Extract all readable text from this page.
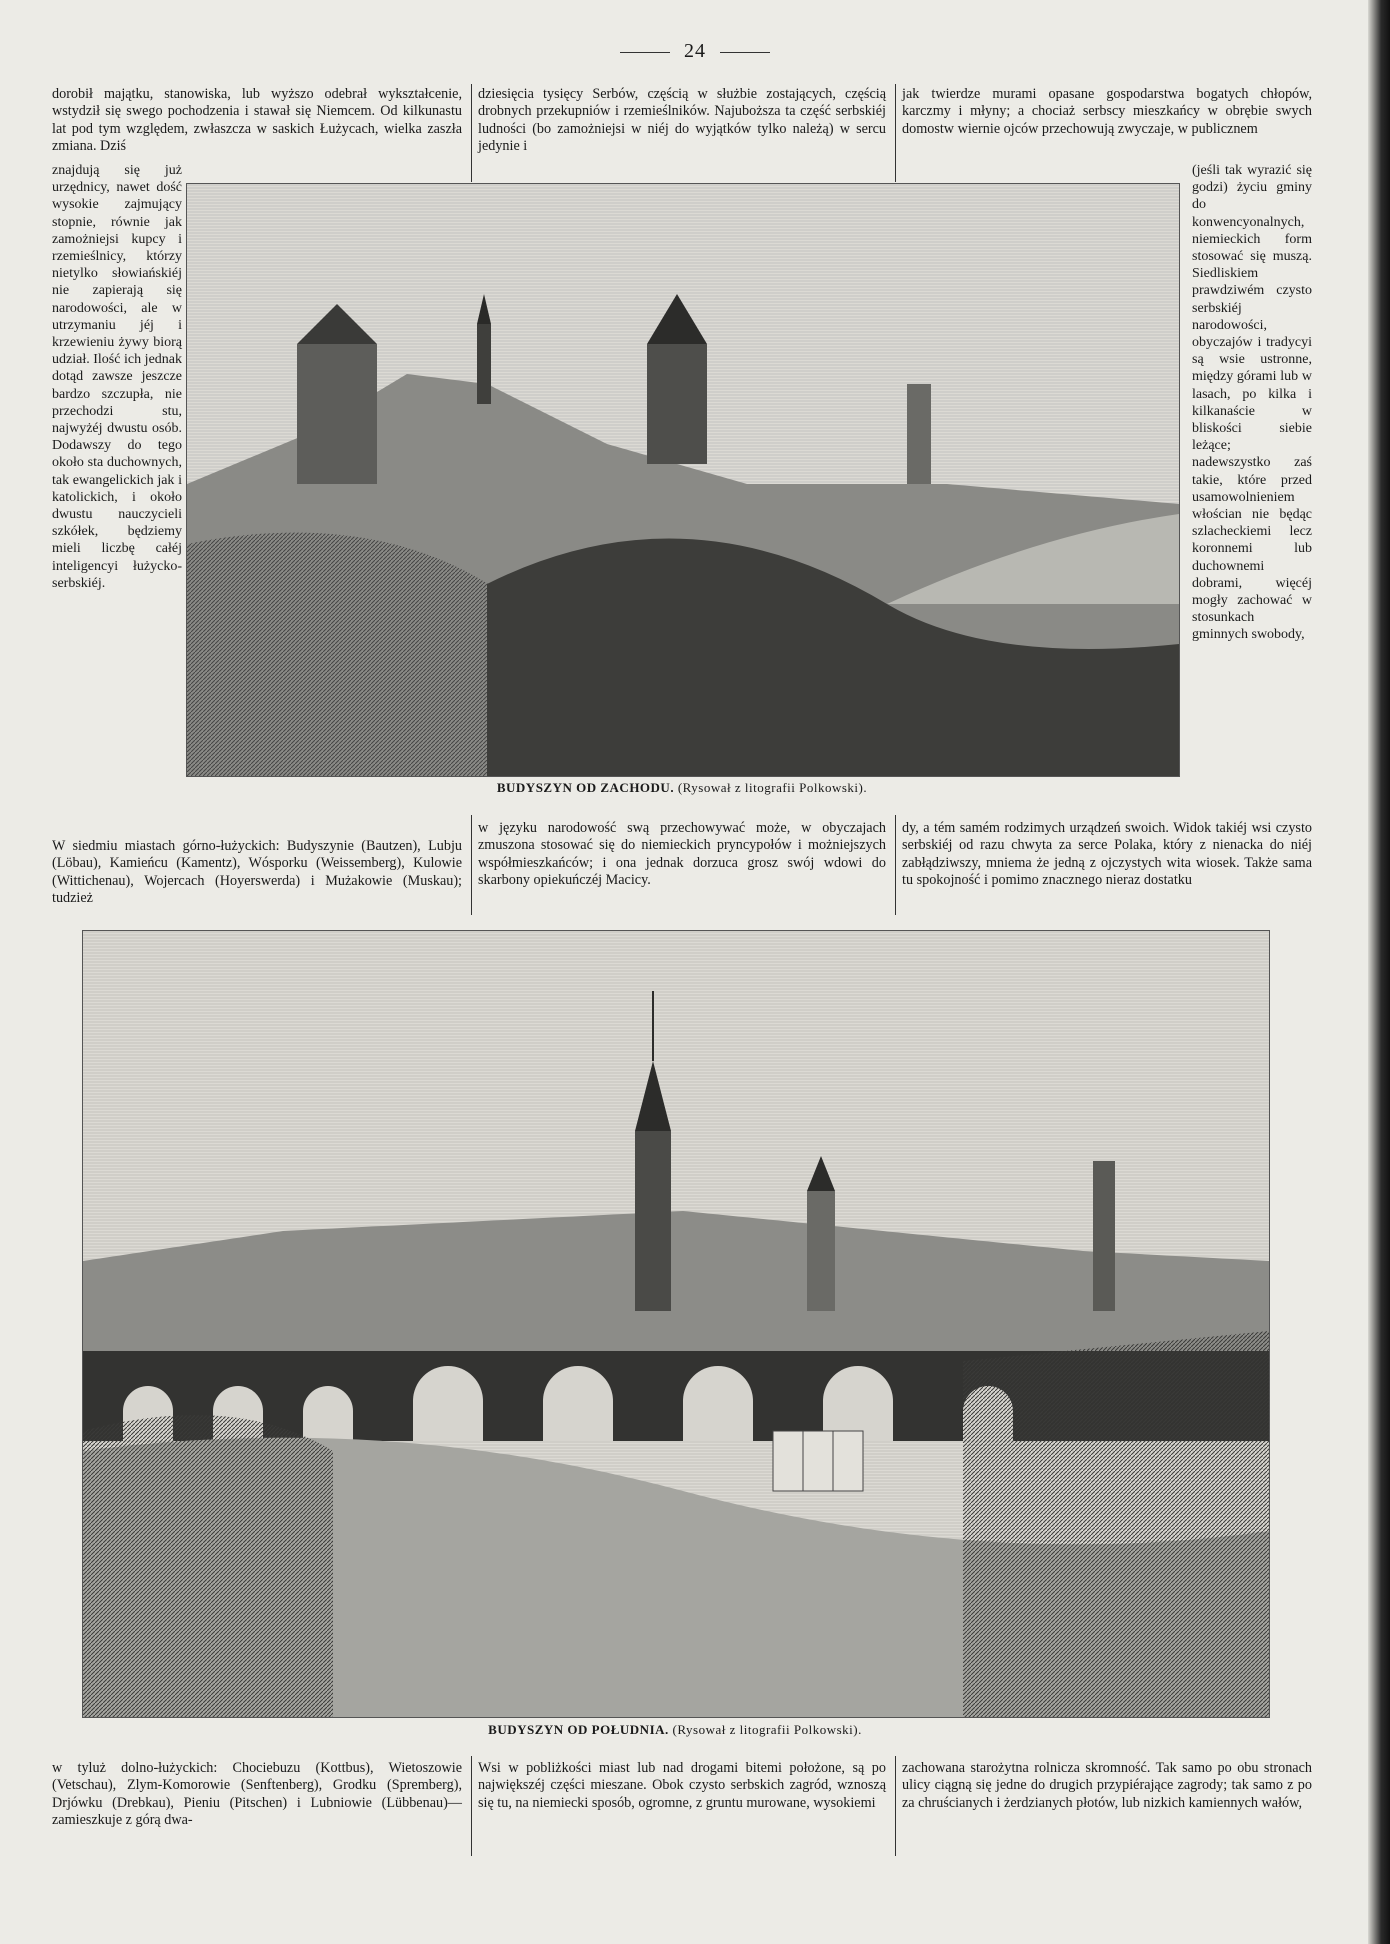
24

dorobił majątku, stanowiska, lub wyższo odebrał wykształcenie, wstydził się swego pochodzenia i stawał się Niemcem. Od kilkunastu lat pod tym względem, zwłaszcza w saskich Łużycach, wielka zaszła zmiana. Dziś

dziesięcia tysięcy Serbów, częścią w służbie zostających, częścią drobnych przekupniów i rzemieślników. Najuboższa ta część serbskiéj ludności (bo zamożniejsi w niéj do wyjątków tylko należą) w sercu jedynie i

jak twierdze murami opasane gospodarstwa bogatych chłopów, karczmy i młyny; a chociaż serbscy mieszkańcy w obrębie swych domostw wiernie ojców przechowują zwyczaje, w publicznem

znajdują się już urzędnicy, nawet dość wysokie zajmujący stopnie, równie jak zamożniejsi kupcy i rzemieślnicy, którzy nietylko słowiańskiéj nie zapierają się narodowości, ale w utrzymaniu jéj i krzewieniu żywy biorą udział. Ilość ich jednak dotąd zawsze jeszcze bardzo szczupła, nie przechodzi stu, najwyżéj dwustu osób. Dodawszy do tego około sta duchownych, tak ewangelickich jak i katolickich, i około dwustu nauczycieli szkółek, będziemy mieli liczbę całéj inteligencyi łużycko-serbskiéj.

(jeśli tak wyrazić się godzi) życiu gminy do konwencyonalnych, niemieckich form stosować się muszą. Siedliskiem prawdziwém czysto serbskiéj narodowości, obyczajów i tradycyi są wsie ustronne, między górami lub w lasach, po kilka i kilkanaście w bliskości siebie leżące; nadewszystko zaś takie, które przed usamowolnieniem włościan nie będąc szlacheckiemi lecz koronnemi lub duchownemi dobrami, więcéj mogły zachować w stosunkach gminnych swobody,

BUDYSZYN OD ZACHODU. (Rysował z litografii Polkowski).

W siedmiu miastach górno-łużyckich: Budyszynie (Bautzen), Lubju (Löbau), Kamieńcu (Kamentz), Wósporku (Weissemberg), Kulowie (Wittichenau), Wojercach (Hoyerswerda) i Mużakowie (Muskau); tudzież

w języku narodowość swą przechowywać może, w obyczajach zmuszona stosować się do niemieckich pryncypołów i możniejszych współmieszkańców; i ona jednak dorzuca grosz swój wdowi do skarbony opiekuńczéj Macicy.

dy, a tém samém rodzimych urządzeń swoich. Widok takiéj wsi czysto serbskiéj od razu chwyta za serce Polaka, który z nienacka do niéj zabłądziwszy, mniema że jedną z ojczystych wita wiosek. Także sama tu spokojność i pomimo znacznego nieraz dostatku

BUDYSZYN OD POŁUDNIA. (Rysował z litografii Polkowski).

w tyluż dolno-łużyckich: Chociebuzu (Kottbus), Wietoszowie (Vetschau), Zlym-Komorowie (Senftenberg), Grodku (Spremberg), Drjówku (Drebkau), Pieniu (Pitschen) i Lubniowie (Lübbenau)—zamieszkuje z górą dwa-

Wsi w pobliżkości miast lub nad drogami bitemi położone, są po największéj części mieszane. Obok czysto serbskich zagród, wznoszą się tu, na niemiecki sposób, ogromne, z gruntu murowane, wysokiemi

zachowana starożytna rolnicza skromność. Tak samo po obu stronach ulicy ciągną się jedne do drugich przypiérające zagrody; tak samo z po za chruścianych i żerdzianych płotów, lub nizkich kamiennych wałów,
